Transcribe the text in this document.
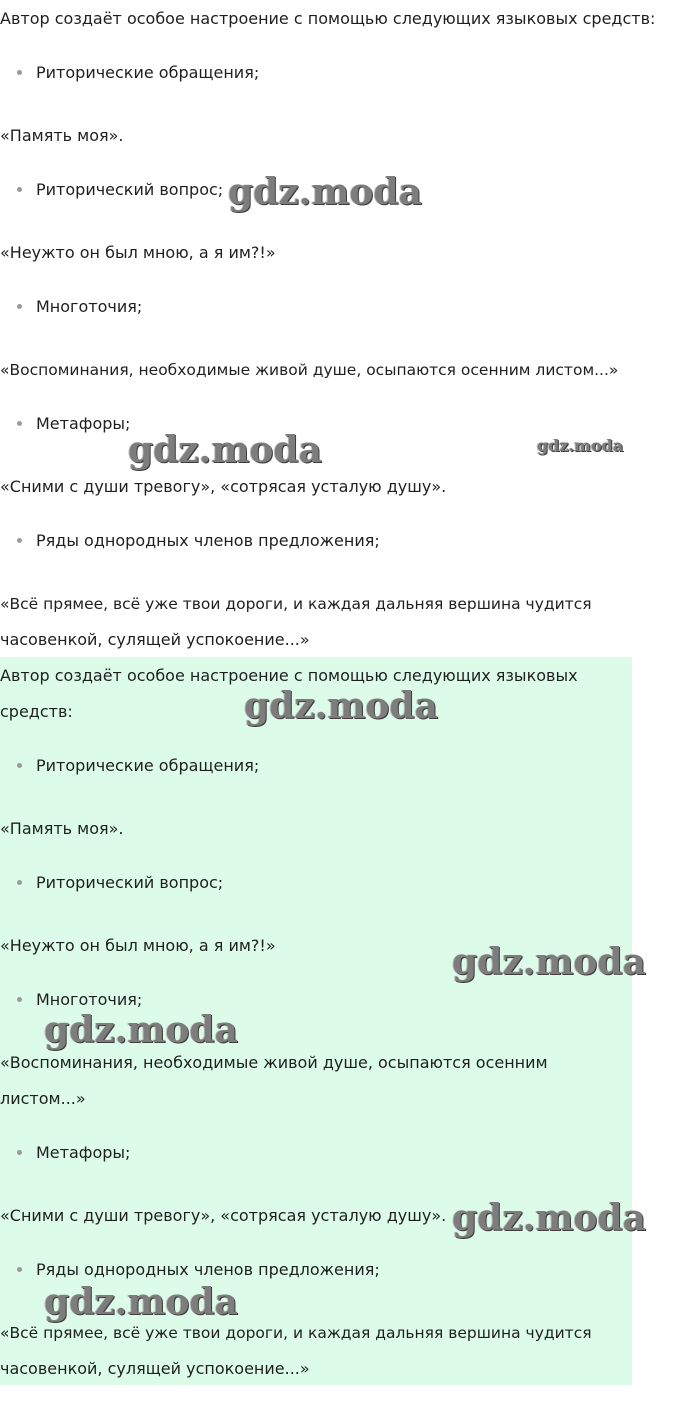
Автор создаёт особое настроение с помощью следующих языковых средств:

Риторические обращения;

«Память моя».

Риторический вопрос;

«Неужто он был мною, а я им?!»

Многоточия;

«Воспоминания, необходимые живой душе, осыпаются осенним листом...»

Метафоры;

«Сними с души тревогу», «сотрясая усталую душу».

Ряды однородных членов предложения;

«Всё прямее, всё уже твои дороги, и каждая дальняя вершина чудится

часовенкой, сулящей успокоение...»

Автор создаёт особое настроение с помощью следующих языковых

средств:

Риторические обращения;

«Память моя».

Риторический вопрос;

«Неужто он был мною, а я им?!»

Многоточия;

«Воспоминания, необходимые живой душе, осыпаются осенним

листом...»

Метафоры;

«Сними с души тревогу», «сотрясая усталую душу».

Ряды однородных членов предложения;

«Всё прямее, всё уже твои дороги, и каждая дальняя вершина чудится

часовенкой, сулящей успокоение...»

gdz.moda
gdz.moda	gdz.moda
gdz.moda
gdz.moda
gdz.moda
gdz.moda
gdz.moda
